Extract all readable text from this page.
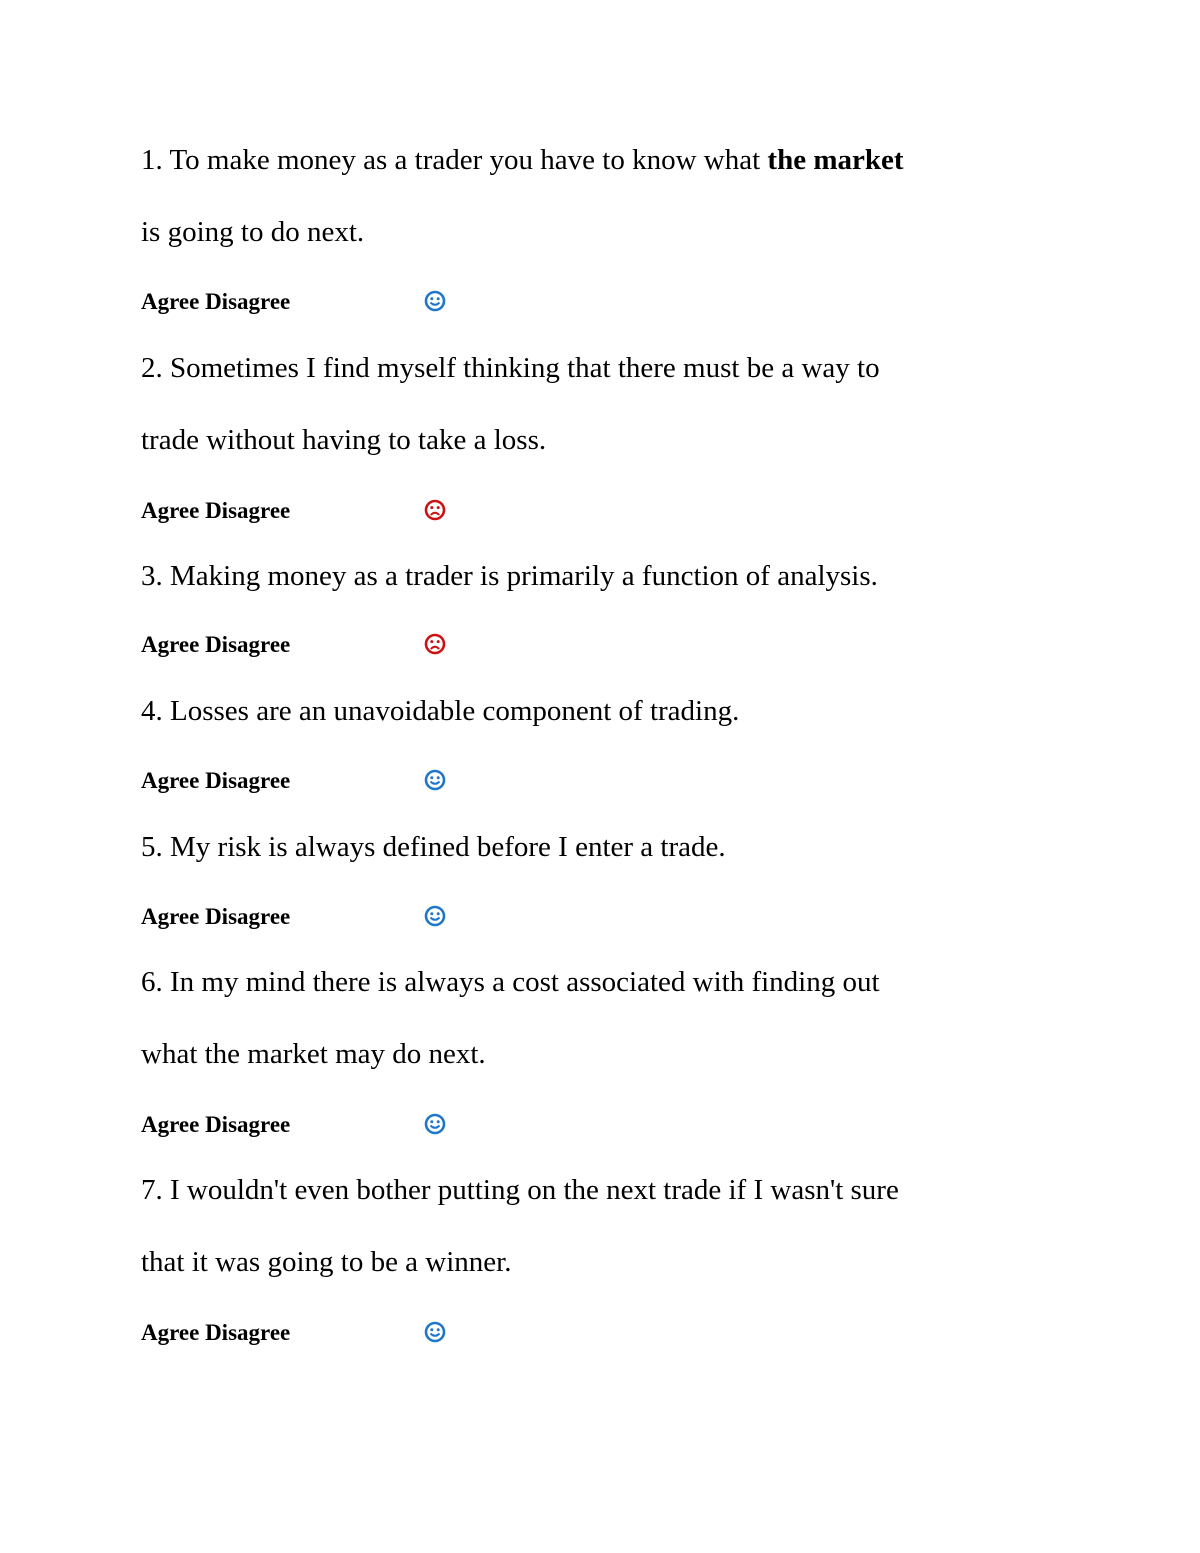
1. To make money as a trader you have to know what the market
is going to do next.
Agree Disagree
2. Sometimes I find myself thinking that there must be a way to
trade without having to take a loss.
Agree Disagree
3. Making money as a trader is primarily a function of analysis.
Agree Disagree
4. Losses are an unavoidable component of trading.
Agree Disagree
5. My risk is always defined before I enter a trade.
Agree Disagree
6. In my mind there is always a cost associated with finding out
what the market may do next.
Agree Disagree
7. I wouldn't even bother putting on the next trade if I wasn't sure
that it was going to be a winner.
Agree Disagree
